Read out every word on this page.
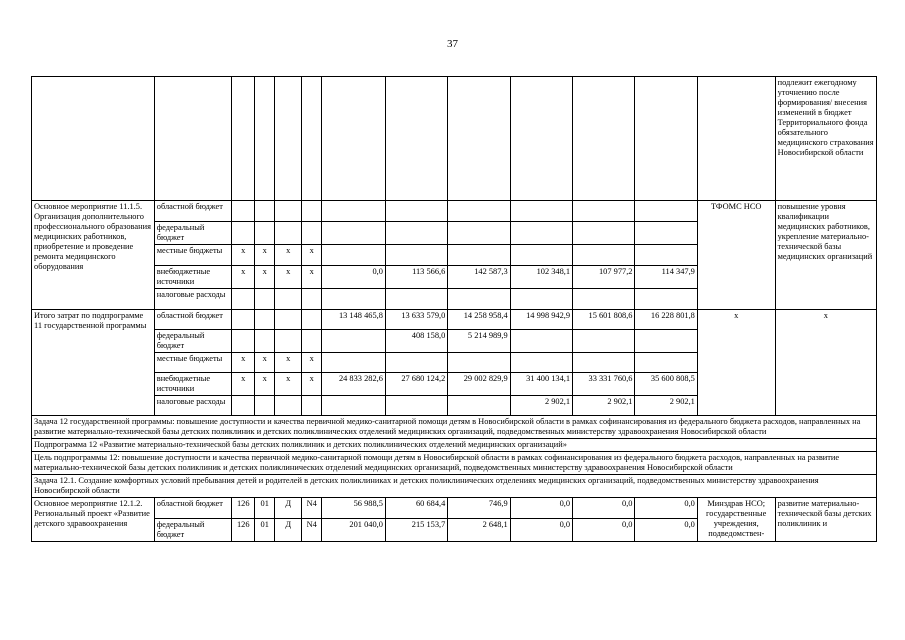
37
													подлежит ежегодному уточнению после формирования/ внесения изменений в бюджет Территориального фонда обязательного медицинского страхования Новосибирской области
Основное мероприятие 11.1.5. Организация дополнительного профессионального образования медицинских работников, приобретение и проведение ремонта медицинского оборудования	областной бюджет											ТФОМС НСО	повышение уровня квалификации медицинских работников, укрепление материально-технической базы медицинских организаций
	федеральный бюджет												
	местные бюджеты	x	x	x	x								
	внебюджетные источники	x	x	x	x	0,0	113 566,6	142 587,3	102 348,1	107 977,2	114 347,9		
	налоговые расходы												
Итого затрат по подпрограмме 11 государственной программы	областной бюджет					13 148 465,8	13 633 579,0	14 258 958,4	14 998 942,9	15 601 808,6	16 228 801,8	x	x
	федеральный бюджет						408 158,0	5 214 989,9					
	местные бюджеты	x	x	x	x								
	внебюджетные источники	x	x	x	x	24 833 282,6	27 680 124,2	29 002 829,9	31 400 134,1	33 331 760,6	35 600 808,5		
	налоговые расходы								2 902,1	2 902,1	2 902,1		
Задача 12 государственной программы: повышение доступности и качества первичной медико-санитарной помощи детям в Новосибирской области в рамках софинансирования из федерального бюджета расходов, направленных на развитие материально-технической базы детских поликлиник и детских поликлинических отделений медицинских организаций, подведомственных министерству здравоохранения Новосибирской области													
Подпрограмма 12 «Развитие материально-технической базы детских поликлиник и детских поликлинических отделений медицинских организаций»													
Цель подпрограммы 12: повышение доступности и качества первичной медико-санитарной помощи детям в Новосибирской области в рамках софинансирования из федерального бюджета расходов, направленных на развитие материально-технической базы детских поликлиник и детских поликлинических отделений медицинских организаций, подведомственных министерству здравоохранения Новосибирской области													
Задача 12.1. Создание комфортных условий пребывания детей и родителей в детских поликлиниках и детских поликлинических отделениях медицинских организаций, подведомственных министерству здравоохранения Новосибирской области													
Основное мероприятие 12.1.2. Региональный проект «Развитие детского здравоохранения	областной бюджет	126	01	Д	N4	56 988,5	60 684,4	746,9	0,0	0,0	0,0	Минздрав НСО; государственные учреждения, подведомствен-	развитие материально-технической базы детских поликлиник и
	федеральный бюджет	126	01	Д	N4	201 040,0	215 153,7	2 648,1	0,0	0,0	0,0		
